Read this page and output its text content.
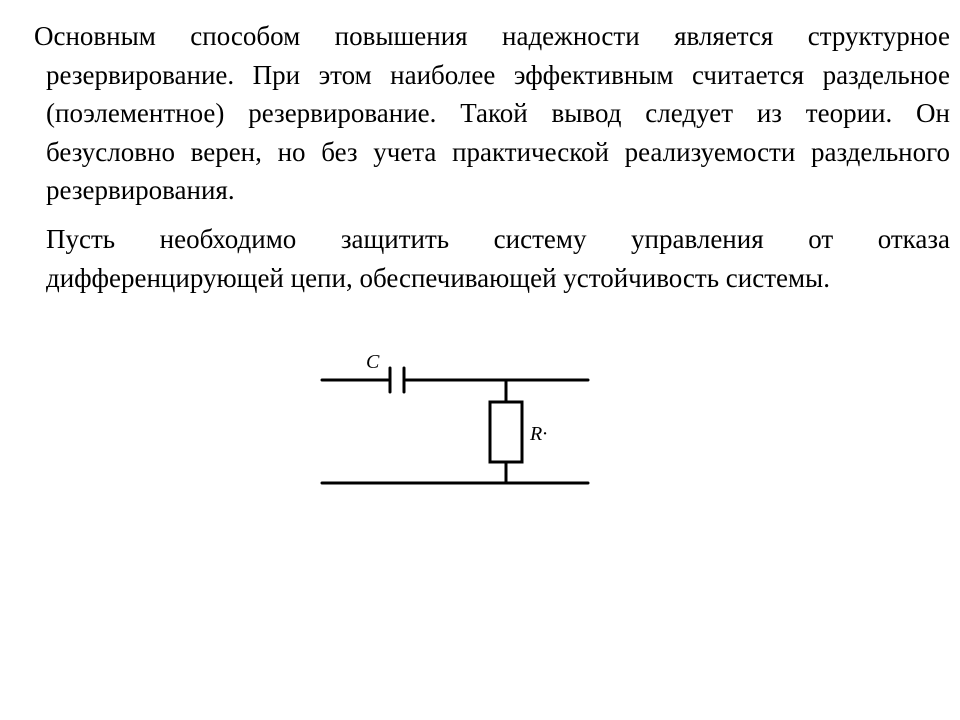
Основным способом повышения надежности является структурное резервирование. При этом наиболее эффективным считается раздельное (поэлементное) резервирование. Такой вывод следует из теории. Он безусловно верен, но без учета практической реализуемости раздельного резервирования.

Пусть необходимо защитить систему управления от отказа дифференцирующей цепи, обеспечивающей устойчивость системы.

C
R·
